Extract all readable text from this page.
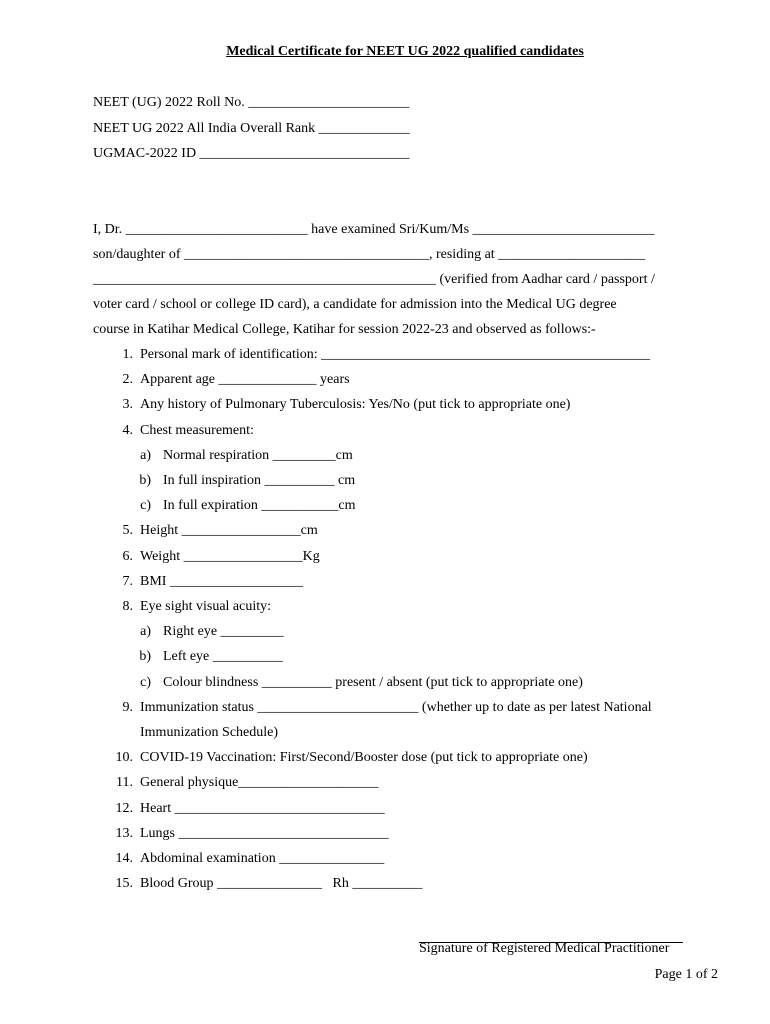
Medical Certificate for NEET UG 2022 qualified candidates
NEET (UG) 2022 Roll No. _______________________
NEET UG 2022 All India Overall Rank _____________
UGMAC-2022 ID ______________________________
I, Dr. __________________________ have examined Sri/Kum/Ms __________________________
son/daughter of ___________________________________, residing at _____________________
_________________________________________________ (verified from Aadhar card / passport /
voter card / school or college ID card), a candidate for admission into the Medical UG degree
course in Katihar Medical College, Katihar for session 2022-23 and observed as follows:-
1. Personal mark of identification: _______________________________________________
2. Apparent age ______________ years
3. Any history of Pulmonary Tuberculosis: Yes/No (put tick to appropriate one)
4. Chest measurement:
a) Normal respiration _________cm
b) In full inspiration __________ cm
c) In full expiration ___________cm
5. Height _________________cm
6. Weight _________________Kg
7. BMI ___________________
8. Eye sight visual acuity:
a) Right eye _________
b) Left eye __________
c) Colour blindness __________ present / absent (put tick to appropriate one)
9. Immunization status _______________________ (whether up to date as per latest National
Immunization Schedule)
10. COVID-19 Vaccination: First/Second/Booster dose (put tick to appropriate one)
11. General physique____________________
12. Heart ______________________________
13. Lungs ______________________________
14. Abdominal examination _______________
15. Blood Group _______________   Rh __________
Signature of Registered Medical Practitioner
Page 1 of 2
